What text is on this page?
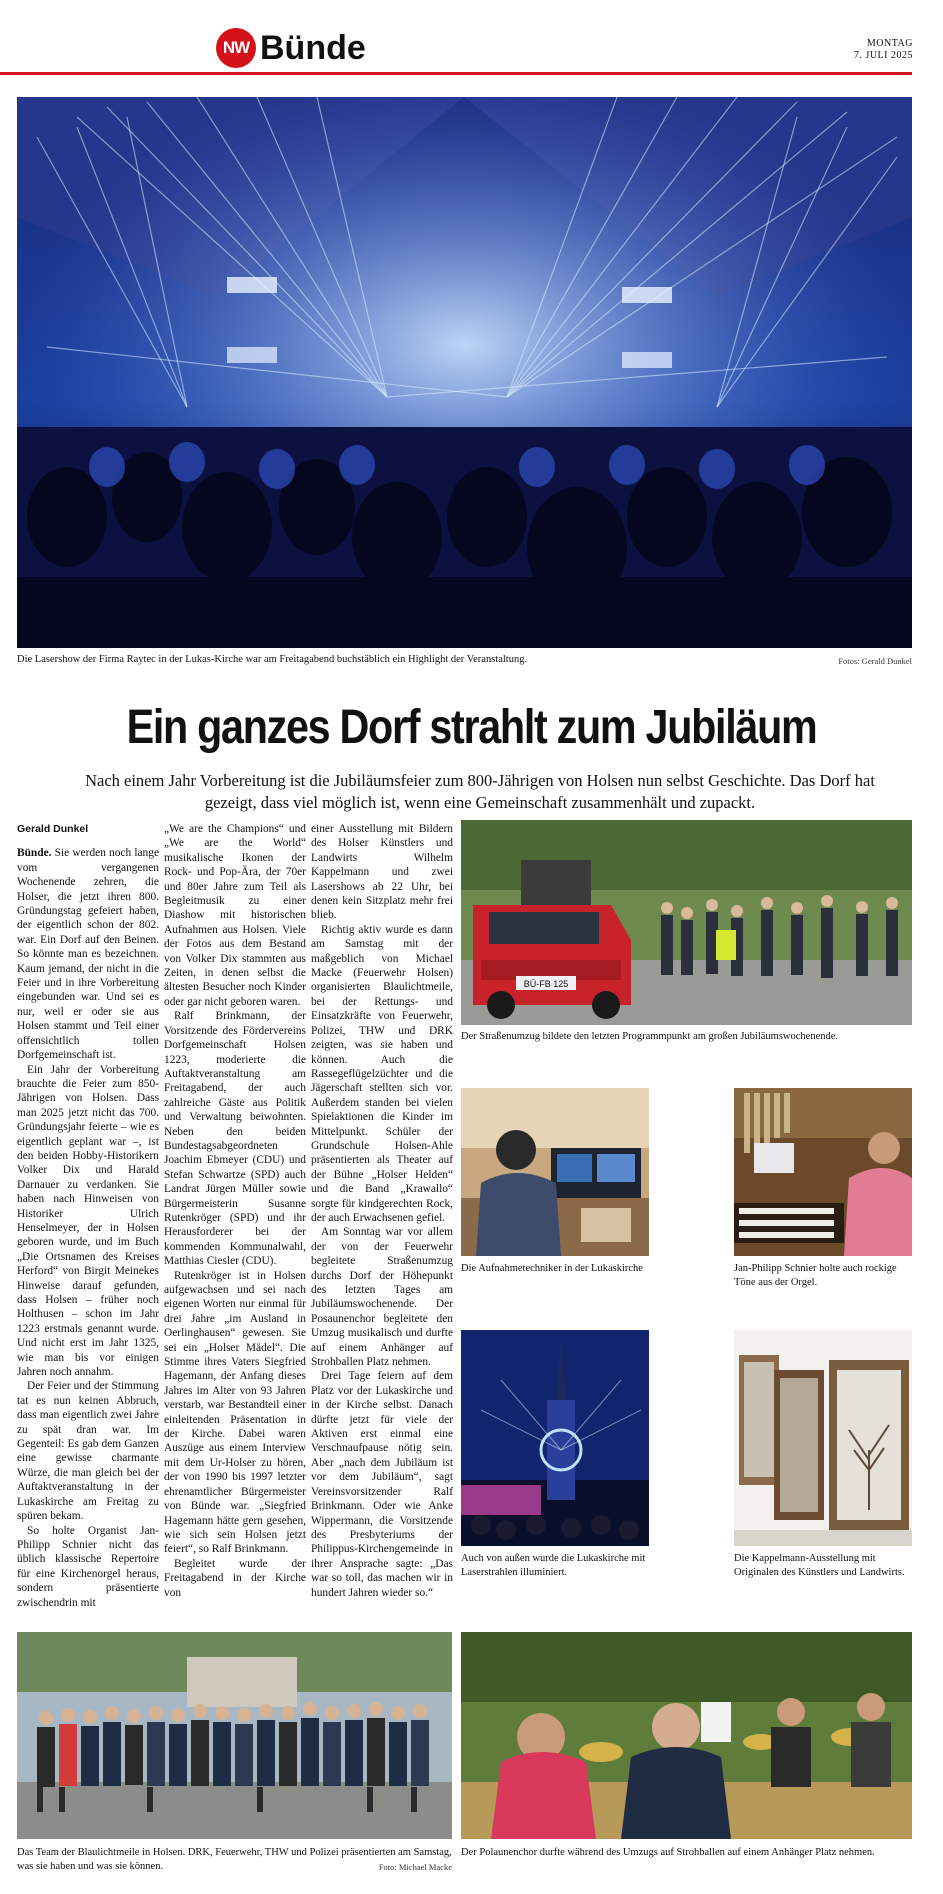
NW Bünde	MONTAG
7. JULI 2025
Die Lasershow der Firma Raytec in der Lukas-Kirche war am Freitagabend buchstäblich ein Highlight der Veranstaltung.	Fotos: Gerald Dunkel
Ein ganzes Dorf strahlt zum Jubiläum
Nach einem Jahr Vorbereitung ist die Jubiläumsfeier zum 800-Jährigen von Holsen nun selbst Geschichte. Das Dorf hat gezeigt, dass viel möglich ist, wenn eine Gemeinschaft zusammenhält und zupackt.
Gerald Dunkel

Bünde. Sie werden noch lange vom vergangenen Wochenende zehren, die Holser, die jetzt ihren 800. Gründungstag gefeiert haben, der eigentlich schon der 802. war. Ein Dorf auf den Beinen. So könnte man es bezeichnen. Kaum jemand, der nicht in die Feier und in ihre Vorbereitung eingebunden war. Und sei es nur, weil er oder sie aus Holsen stammt und Teil einer offensichtlich tollen Dorfgemeinschaft ist.

Ein Jahr der Vorbereitung brauchte die Feier zum 850-Jährigen von Holsen. Dass man 2025 jetzt nicht das 700. Gründungsjahr feierte – wie es eigentlich geplant war –, ist den beiden Hobby-Historikern Volker Dix und Harald Darnauer zu verdanken. Sie haben nach Hinweisen von Historiker Ulrich Henselmeyer, der in Holsen geboren wurde, und im Buch „Die Ortsnamen des Kreises Herford“ von Birgit Meinekes Hinweise darauf gefunden, dass Holsen – früher noch Holthusen – schon im Jahr 1223 erstmals genannt wurde. Und nicht erst im Jahr 1325, wie man bis vor einigen Jahren noch annahm.

Der Feier und der Stimmung tat es nun keinen Abbruch, dass man eigentlich zwei Jahre zu spät dran war. Im Gegenteil: Es gab dem Ganzen eine gewisse charmante Würze, die man gleich bei der Auftaktveranstaltung in der Lukaskirche am Freitag zu spüren bekam.

So holte Organist Jan-Philipp Schnier nicht das üblich klassische Repertoire für eine Kirchenorgel heraus, sondern präsentierte zwischendrin mit

„We are the Champions“ und „We are the World“ musikalische Ikonen der Rock- und Pop-Ära, der 70er und 80er Jahre zum Teil als Begleitmusik zu einer Diashow mit historischen Aufnahmen aus Holsen. Viele der Fotos aus dem Bestand von Volker Dix stammten aus Zeiten, in denen selbst die ältesten Besucher noch Kinder oder gar nicht geboren waren.

Ralf Brinkmann, der Vorsitzende des Fördervereins Dorfgemeinschaft Holsen 1223, moderierte die Auftaktveranstaltung am Freitagabend, der auch zahlreiche Gäste aus Politik und Verwaltung beiwohnten. Neben den beiden Bundestagsabgeordneten Joachim Ebmeyer (CDU) und Stefan Schwartze (SPD) auch Landrat Jürgen Müller sowie Bürgermeisterin Susanne Rutenkröger (SPD) und ihr Herausforderer bei der kommenden Kommunalwahl, Matthias Ciesler (CDU).

Rutenkröger ist in Holsen aufgewachsen und sei nach eigenen Worten nur einmal für drei Jahre „im Ausland in Oerlinghausen“ gewesen. Sie sei ein „Holser Mädel“. Die Stimme ihres Vaters Siegfried Hagemann, der Anfang dieses Jahres im Alter von 93 Jahren verstarb, war Bestandteil einer einleitenden Präsentation in der Kirche. Dabei waren Auszüge aus einem Interview mit dem Ur-Holser zu hören, der von 1990 bis 1997 letzter ehrenamtlicher Bürgermeister von Bünde war. „Siegfried Hagemann hätte gern gesehen, wie sich sein Holsen jetzt feiert“, so Ralf Brinkmann.

Begleitet wurde der Freitagabend in der Kirche von

einer Ausstellung mit Bildern des Holser Künstlers und Landwirts Wilhelm Kappelmann und zwei Lasershows ab 22 Uhr, bei denen kein Sitzplatz mehr frei blieb.

Richtig aktiv wurde es dann am Samstag mit der maßgeblich von Michael Macke (Feuerwehr Holsen) organisierten Blaulichtmeile, bei der Rettungs- und Einsatzkräfte von Feuerwehr, Polizei, THW und DRK zeigten, was sie haben und können. Auch die Rassegeflügelzüchter und die Jägerschaft stellten sich vor. Außerdem standen bei vielen Spielaktionen die Kinder im Mittelpunkt. Schüler der Grundschule Holsen-Ahle präsentierten als Theater auf der Bühne „Holser Helden“ und die Band „Krawallo“ sorgte für kindgerechten Rock, der auch Erwachsenen gefiel.

Am Sonntag war vor allem der von der Feuerwehr begleitete Straßenumzug durchs Dorf der Höhepunkt des letzten Tages am Jubiläumswochenende. Der Posaunenchor begleitete den Umzug musikalisch und durfte auf einem Anhänger auf Strohballen Platz nehmen.

Drei Tage feiern auf dem Platz vor der Lukaskirche und in der Kirche selbst. Danach dürfte jetzt für viele der Aktiven erst einmal eine Verschnaufpause nötig sein. Aber „nach dem Jubiläum ist vor dem Jubiläum“, sagt Vereinsvorsitzender Ralf Brinkmann. Oder wie Anke Wippermann, die Vorsitzende des Presbyteriums der Philippus-Kirchengemeinde in ihrer Ansprache sagte: „Das war so toll, das machen wir in hundert Jahren wieder so.“

BÜ-FB 125
Der Straßenumzug bildete den letzten Programmpunkt am großen Jubiläumswochenende.
Die Aufnahmetechniker in der Lukaskirche	Jan-Philipp Schnier holte auch rockige Töne aus der Orgel.
Auch von außen wurde die Lukaskirche mit Laserstrahlen illuminiert.
Die Kappelmann-Ausstellung mit Originalen des Künstlers und Landwirts.
Das Team der Blaulichtmeile in Holsen. DRK, Feuerwehr, THW und Polizei präsentierten am Samstag, was sie haben und was sie können.	Foto: Michael Macke
Der Polaunenchor durfte während des Umzugs auf Strohballen auf einem Anhänger Platz nehmen.
